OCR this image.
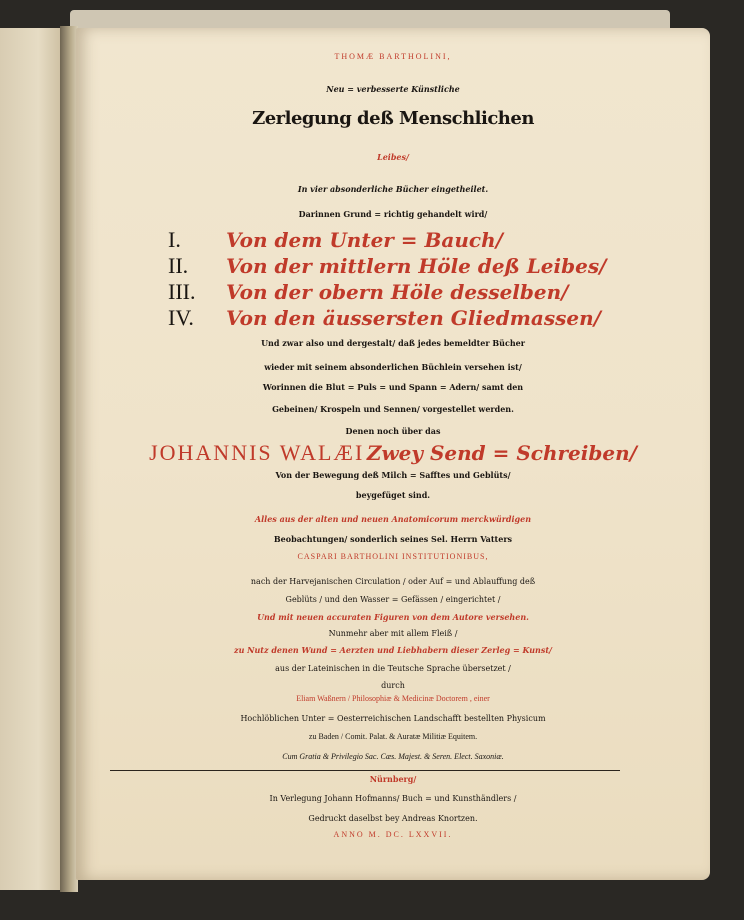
THOMÆ BARTHOLINI,
Neu = verbesserte Künstliche
Zerlegung deß Menschlichen
Leibes/
In vier absonderliche Bücher eingetheilet.
Darinnen Grund = richtig gehandelt wird/
I. Von dem Unter = Bauch/
II. Von der mittlern Höle deß Leibes/
III. Von der obern Höle desselben/
IV. Von den äussersten Gliedmassen/
Und zwar also und dergestalt/ daß jedes bemeldter Bücher
wieder mit seinem absonderlichen Büchlein versehen ist/
Worinnen die Blut = Puls = und Spann = Adern/ samt den
Gebeinen/ Krospeln und Sennen/ vorgestellet werden.
Denen noch über das
JOHANNIS WALÆI Zwey Send = Schreiben/
Von der Bewegung deß Milch = Safftes und Geblüts/
beygefüget sind.
Alles aus der alten und neuen Anatomicorum merckwürdigen
Beobachtungen/ sonderlich seines Sel. Herrn Vatters
CASPARI BARTHOLINI INSTITUTIONIBUS,
nach der Harvejanischen Circulation / oder Auf = und Ablauffung deß
Geblüts / und den Wasser = Gefässen / eingerichtet /
Und mit neuen accuraten Figuren von dem Autore versehen.
Nunmehr aber mit allem Fleiß /
zu Nutz denen Wund = Aerzten und Liebhabern dieser Zerleg = Kunst/
aus der Lateinischen in die Teutsche Sprache übersetzet /
durch
Eliam Waßnern / Philosophiæ & Medicinæ Doctorem , einer
Hochlöblichen Unter = Oesterreichischen Landschafft bestellten Physicum
zu Baden / Comit. Palat. & Auratæ Militiæ Equitem.
Cum Gratia & Privilegio Sac. Cæs. Majest. & Seren. Elect. Saxoniæ.
Nürnberg/
In Verlegung Johann Hofmanns/ Buch = und Kunsthändlers /
Gedruckt daselbst bey Andreas Knortzen.
ANNO M. DC. LXXVII.
